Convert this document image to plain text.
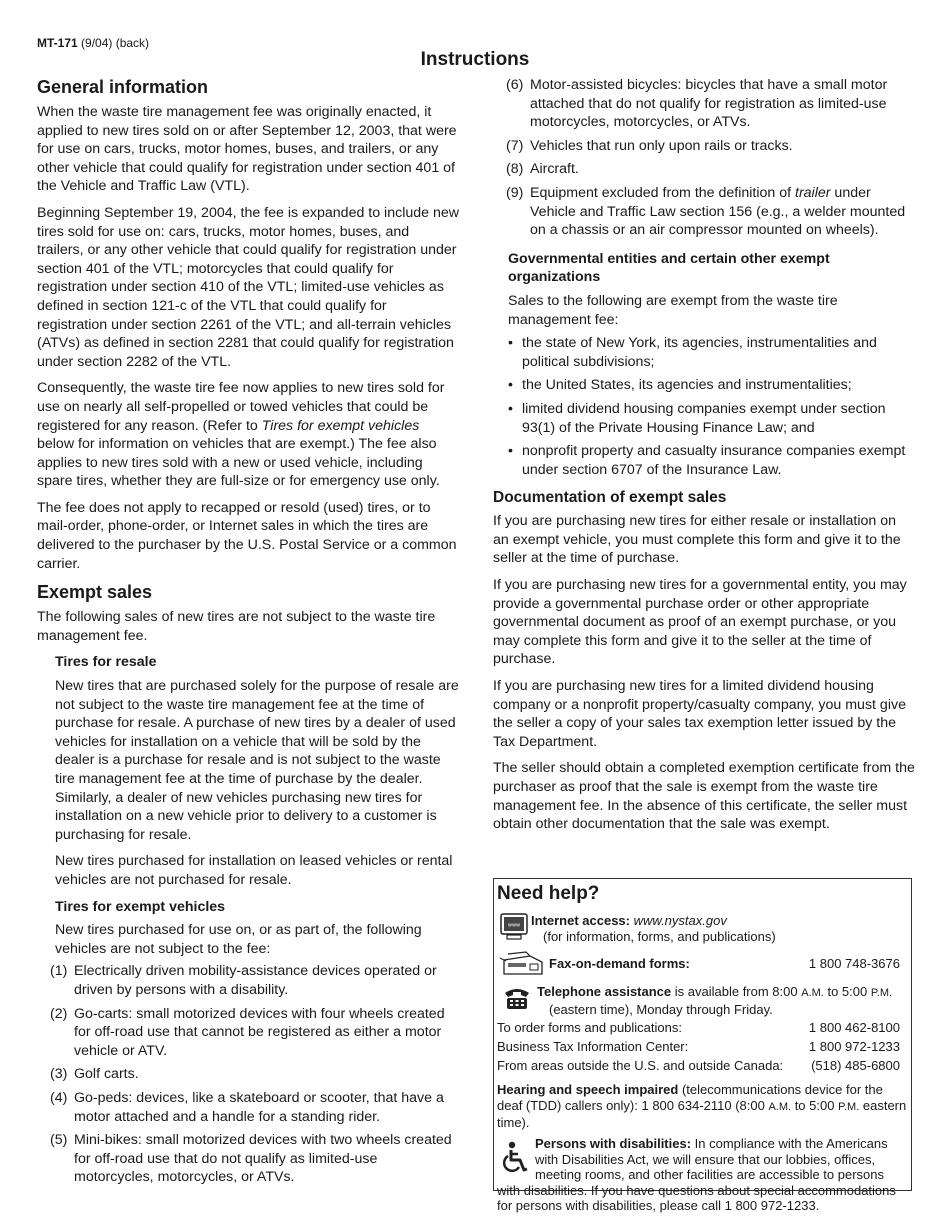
MT-171 (9/04) (back)
Instructions
General information

When the waste tire management fee was originally enacted, it applied to new tires sold on or after September 12, 2003, that were for use on cars, trucks, motor homes, buses, and trailers, or any other vehicle that could qualify for registration under section 401 of the Vehicle and Traffic Law (VTL).

Beginning September 19, 2004, the fee is expanded to include new tires sold for use on: cars, trucks, motor homes, buses, and trailers, or any other vehicle that could qualify for registration under section 401 of the VTL; motorcycles that could qualify for registration under section 410 of the VTL; limited-use vehicles as defined in section 121-c of the VTL that could qualify for registration under section 2261 of the VTL; and all-terrain vehicles (ATVs) as defined in section 2281 that could qualify for registration under section 2282 of the VTL.

Consequently, the waste tire fee now applies to new tires sold for use on nearly all self-propelled or towed vehicles that could be registered for any reason. (Refer to Tires for exempt vehicles below for information on vehicles that are exempt.) The fee also applies to new tires sold with a new or used vehicle, including spare tires, whether they are full-size or for emergency use only.

The fee does not apply to recapped or resold (used) tires, or to mail-order, phone-order, or Internet sales in which the tires are delivered to the purchaser by the U.S. Postal Service or a common carrier.

Exempt sales

The following sales of new tires are not subject to the waste tire management fee.

Tires for resale

New tires that are purchased solely for the purpose of resale are not subject to the waste tire management fee at the time of purchase for resale. A purchase of new tires by a dealer of used vehicles for installation on a vehicle that will be sold by the dealer is a purchase for resale and is not subject to the waste tire management fee at the time of purchase by the dealer. Similarly, a dealer of new vehicles purchasing new tires for installation on a new vehicle prior to delivery to a customer is purchasing for resale.

New tires purchased for installation on leased vehicles or rental vehicles are not purchased for resale.

Tires for exempt vehicles

New tires purchased for use on, or as part of, the following vehicles are not subject to the fee:

(1) Electrically driven mobility-assistance devices operated or driven by persons with a disability.
(2) Go-carts: small motorized devices with four wheels created for off-road use that cannot be registered as either a motor vehicle or ATV.
(3) Golf carts.
(4) Go-peds: devices, like a skateboard or scooter, that have a motor attached and a handle for a standing rider.
(5) Mini-bikes: small motorized devices with two wheels created for off-road use that do not qualify as limited-use motorcycles, motorcycles, or ATVs.
(6) Motor-assisted bicycles: bicycles that have a small motor attached that do not qualify for registration as limited-use motorcycles, motorcycles, or ATVs.
(7) Vehicles that run only upon rails or tracks.
(8) Aircraft.
(9) Equipment excluded from the definition of trailer under Vehicle and Traffic Law section 156 (e.g., a welder mounted on a chassis or an air compressor mounted on wheels).
Governmental entities and certain other exempt organizations

Sales to the following are exempt from the waste tire management fee:

• the state of New York, its agencies, instrumentalities and political subdivisions;
• the United States, its agencies and instrumentalities;
• limited dividend housing companies exempt under section 93(1) of the Private Housing Finance Law; and
• nonprofit property and casualty insurance companies exempt under section 6707 of the Insurance Law.
Documentation of exempt sales

If you are purchasing new tires for either resale or installation on an exempt vehicle, you must complete this form and give it to the seller at the time of purchase.

If you are purchasing new tires for a governmental entity, you may provide a governmental purchase order or other appropriate governmental document as proof of an exempt purchase, or you may complete this form and give it to the seller at the time of purchase.

If you are purchasing new tires for a limited dividend housing company or a nonprofit property/casualty company, you must give the seller a copy of your sales tax exemption letter issued by the Tax Department.

The seller should obtain a completed exemption certificate from the purchaser as proof that the sale is exempt from the waste tire management fee. In the absence of this certificate, the seller must obtain other documentation that the sale was exempt.

Need help?
www Internet access: www.nystax.gov
(for information, forms, and publications)
Fax-on-demand forms:	1 800 748-3676
Telephone assistance is available from 8:00 A.M. to 5:00 P.M.
(eastern time), Monday through Friday.
To order forms and publications:	1 800 462-8100
Business Tax Information Center:	1 800 972-1233
From areas outside the U.S. and outside Canada: (518) 485-6800
Hearing and speech impaired (telecommunications device for the deaf (TDD) callers only): 1 800 634-2110 (8:00 A.M. to 5:00 P.M. eastern time).
Persons with disabilities: In compliance with the Americans with Disabilities Act, we will ensure that our lobbies, offices, meeting rooms, and other facilities are accessible to persons with disabilities. If you have questions about special accommodations for persons with disabilities, please call 1 800 972-1233.
